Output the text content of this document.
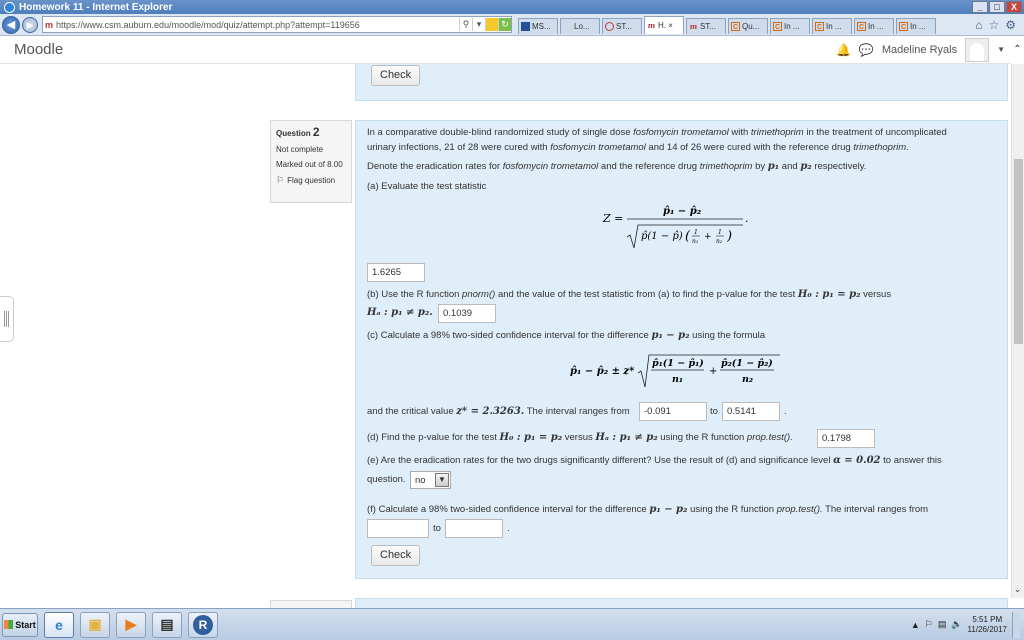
Homework 11 - Internet Explorer	_	□	X
◀	▶	m https://www.csm.auburn.edu/moodle/mod/quiz/attempt.php?attempt=119656	⚲ ▾	↻	MS...	Lo...	ST... m H. × m ST... C Qu... C In ... C In ... C In ... C In ...	⌂ ☆ ⚙
Moodle	🔔 💬 Madeline Ryals	▼ ⌃
⌄
Check
Question 2
Not complete
Marked out of 8.00
⚐ Flag question

In a comparative double-blind randomized study of single dose fosfomycin trometamol with trimethoprim in the treatment of uncomplicated

urinary infections, 21 of 28 were cured with fosfomycin trometamol and 14 of 26 were cured with the reference drug trimethoprim.

Denote the eradication rates for fosfomycin trometamol and the reference drug trimethoprim by p₁ and p₂ respectively.

(a) Evaluate the test statistic

Z =
p̂₁ − p̂₂
p̂(1 − p̂) ( 1
n₁ + 1
n₂ )
.
1.6265

(b) Use the R function pnorm() and the value of the test statistic from (a) to find the p-value for the test H₀ : p₁ = p₂ versus

Hₐ : p₁ ≠ p₂.

0.1039

(c) Calculate a 98% two-sided confidence interval for the difference p₁ − p₂ using the formula

p̂₁ − p̂₂ ± z*
p̂₁(1 − p̂₁)
n₁
+
p̂₂(1 − p̂₂)
n₂

and the critical value z* = 2.3263. The interval ranges from

-0.091	to

0.5141	.

(d) Find the p-value for the test H₀ : p₁ = p₂ versus Hₐ : p₁ ≠ p₂ using the R function prop.test().

0.1798

(e) Are the eradication rates for the two drugs significantly different? Use the result of (d) and significance level α = 0.02 to answer this

question.

(f) Calculate a 98% two-sided confidence interval for the difference p₁ − p₂ using the R function prop.test(). The interval ranges from

to	.

Check
no	▼
Start	e	▣	▶	▤	R	▲ ⚐ ▤ 🔈	5:51 PM
11/26/2017
